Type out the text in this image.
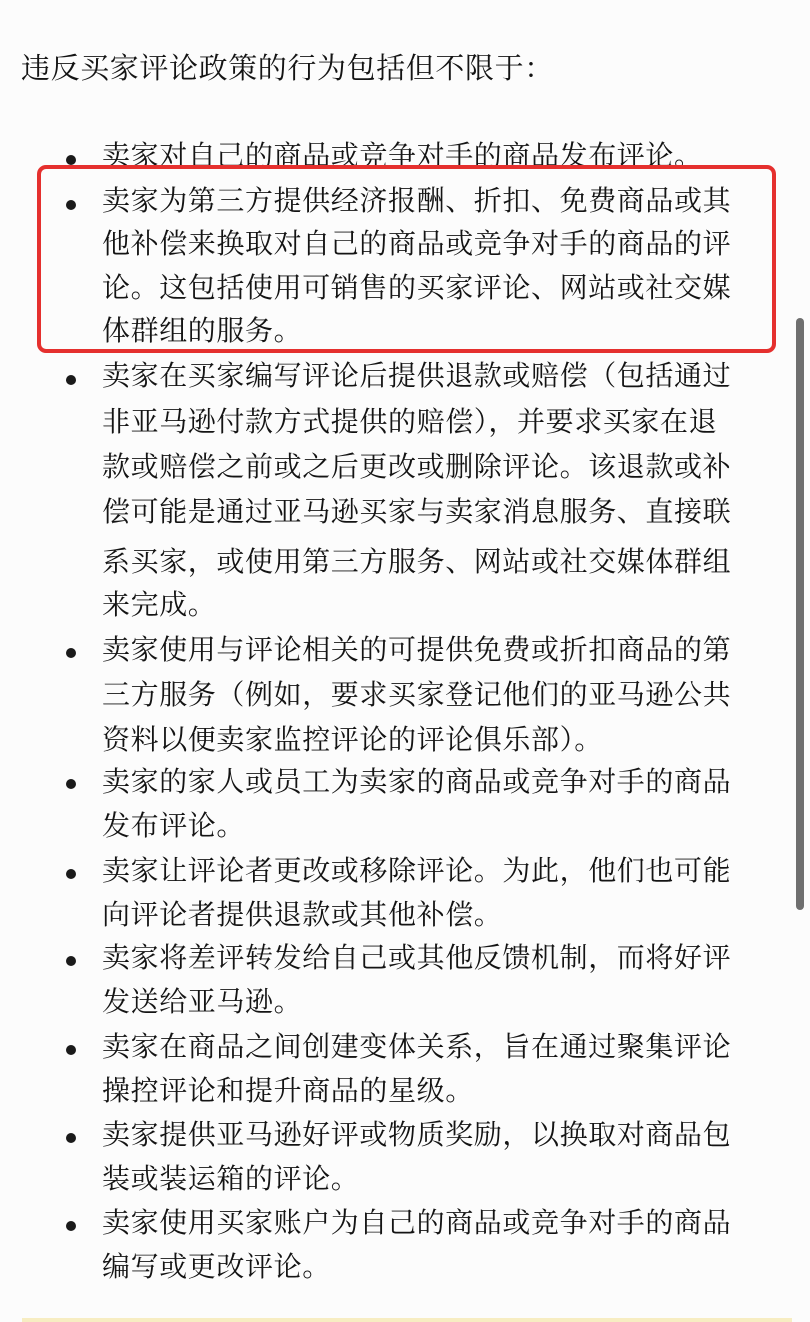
违反买家评论政策的行为包括但不限于：
卖家对自己的商品或竞争对手的商品发布评论。
卖家为第三方提供经济报酬、折扣、免费商品或其
他补偿来换取对自己的商品或竞争对手的商品的评
论。这包括使用可销售的买家评论、网站或社交媒
体群组的服务。
卖家在买家编写评论后提供退款或赔偿（包括通过
非亚马逊付款方式提供的赔偿），并要求买家在退
款或赔偿之前或之后更改或删除评论。该退款或补
偿可能是通过亚马逊买家与卖家消息服务、直接联
系买家，或使用第三方服务、网站或社交媒体群组
来完成。
卖家使用与评论相关的可提供免费或折扣商品的第
三方服务（例如，要求买家登记他们的亚马逊公共
资料以便卖家监控评论的评论俱乐部）。
卖家的家人或员工为卖家的商品或竞争对手的商品
发布评论。
卖家让评论者更改或移除评论。为此，他们也可能
向评论者提供退款或其他补偿。
卖家将差评转发给自己或其他反馈机制，而将好评
发送给亚马逊。
卖家在商品之间创建变体关系，旨在通过聚集评论
操控评论和提升商品的星级。
卖家提供亚马逊好评或物质奖励，以换取对商品包
装或装运箱的评论。
卖家使用买家账户为自己的商品或竞争对手的商品
编写或更改评论。
